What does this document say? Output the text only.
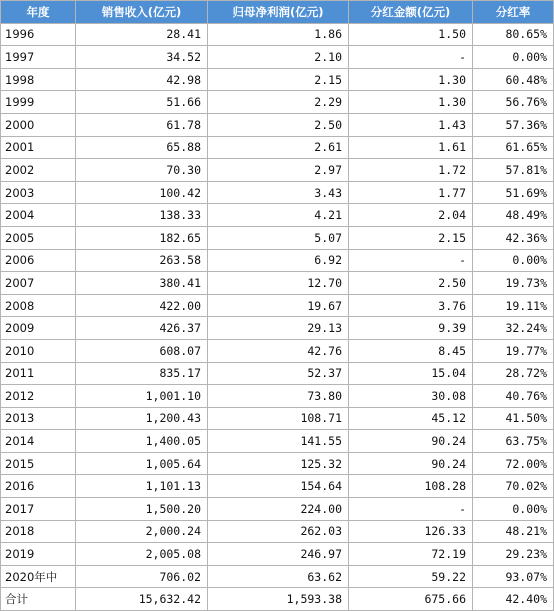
年度	销售收入(亿元)	归母净利润(亿元)	分红金额(亿元)	分红率
1996	28.41	1.86	1.50	80.65%
1997	34.52	2.10	-	0.00%
1998	42.98	2.15	1.30	60.48%
1999	51.66	2.29	1.30	56.76%
2000	61.78	2.50	1.43	57.36%
2001	65.88	2.61	1.61	61.65%
2002	70.30	2.97	1.72	57.81%
2003	100.42	3.43	1.77	51.69%
2004	138.33	4.21	2.04	48.49%
2005	182.65	5.07	2.15	42.36%
2006	263.58	6.92	-	0.00%
2007	380.41	12.70	2.50	19.73%
2008	422.00	19.67	3.76	19.11%
2009	426.37	29.13	9.39	32.24%
2010	608.07	42.76	8.45	19.77%
2011	835.17	52.37	15.04	28.72%
2012	1,001.10	73.80	30.08	40.76%
2013	1,200.43	108.71	45.12	41.50%
2014	1,400.05	141.55	90.24	63.75%
2015	1,005.64	125.32	90.24	72.00%
2016	1,101.13	154.64	108.28	70.02%
2017	1,500.20	224.00	-	0.00%
2018	2,000.24	262.03	126.33	48.21%
2019	2,005.08	246.97	72.19	29.23%
2020年中	706.02	63.62	59.22	93.07%
合计	15,632.42	1,593.38	675.66	42.40%
